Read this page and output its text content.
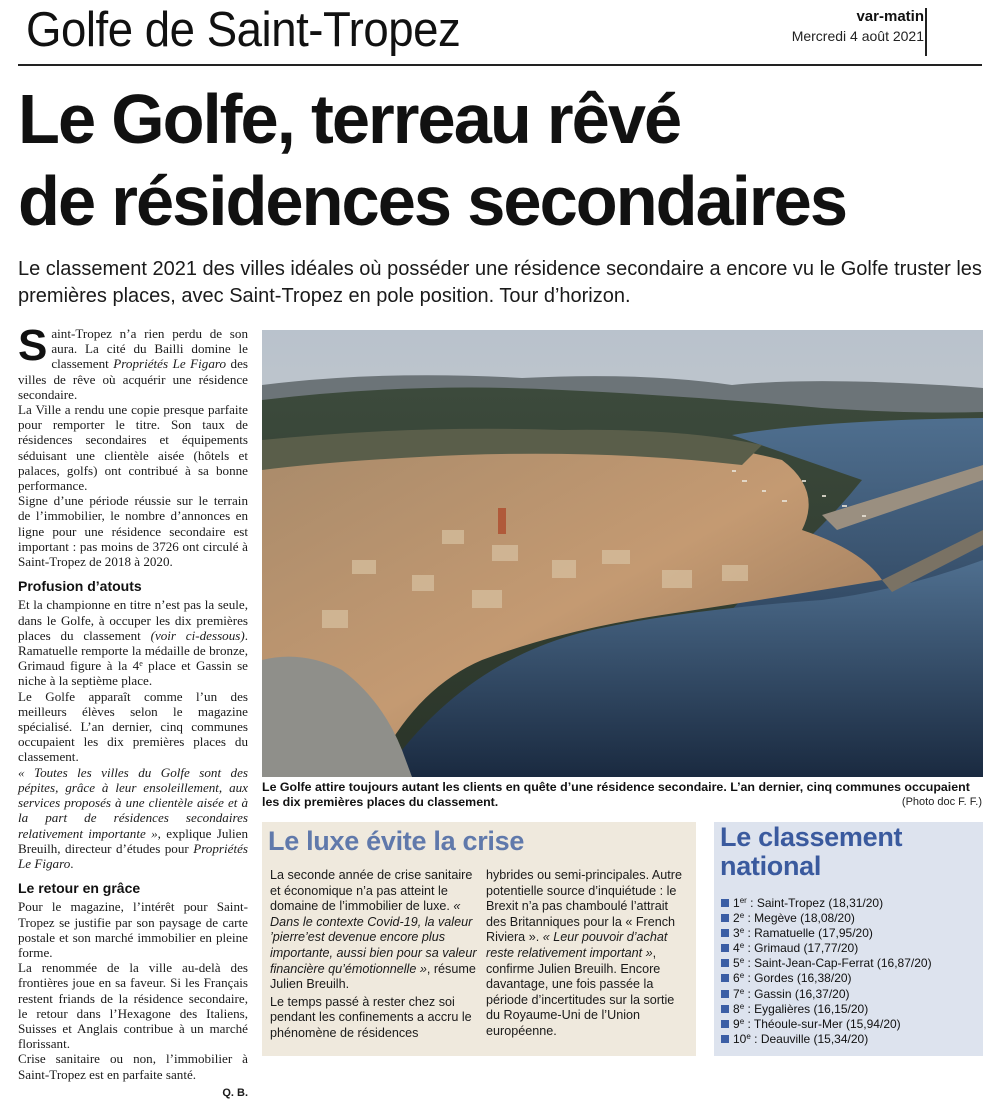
Golfe de Saint-Tropez	var-matin
Mercredi 4 août 2021
Le Golfe, terreau rêvé
de résidences secondaires

Le classement 2021 des villes idéales où posséder une résidence secondaire a encore vu le Golfe truster les premières places, avec Saint-Tropez en pole position. Tour d’horizon.

Saint-Tropez n’a rien perdu de son aura. La cité du Bailli domine le classement Propriétés Le Figaro des villes de rêve où acquérir une résidence secondaire.

La Ville a rendu une copie presque parfaite pour remporter le titre. Son taux de résidences secondaires et équipements séduisant une clientèle aisée (hôtels et palaces, golfs) ont contribué à sa bonne performance.

Signe d’une période réussie sur le terrain de l’immobilier, le nombre d’annonces en ligne pour une résidence secondaire est important : pas moins de 3726 ont circulé à Saint-Tropez de 2018 à 2020.

Profusion d’atouts

Et la championne en titre n’est pas la seule, dans le Golfe, à occuper les dix premières places du classement (voir ci-dessous). Ramatuelle remporte la médaille de bronze, Grimaud figure à la 4e place et Gassin se niche à la septième place.

Le Golfe apparaît comme l’un des meilleurs élèves selon le magazine spécialisé. L’an dernier, cinq communes occupaient les dix premières places du classement.

« Toutes les villes du Golfe sont des pépites, grâce à leur ensoleillement, aux services proposés à une clientèle aisée et à la part de résidences secondaires relativement importante », explique Julien Breuilh, directeur d’études pour Propriétés Le Figaro.

Le retour en grâce

Pour le magazine, l’intérêt pour Saint-Tropez se justifie par son paysage de carte postale et son marché immobilier en pleine forme.

La renommée de la ville au-delà des frontières joue en sa faveur. Si les Français restent friands de la résidence secondaire, le retour dans l’Hexagone des Italiens, Suisses et Anglais contribue à un marché florissant.

Crise sanitaire ou non, l’immobilier à Saint-Tropez est en parfaite santé.

Q. B.

Le Golfe attire toujours autant les clients en quête d’une résidence secondaire. L’an dernier, cinq communes occupaient les dix premières places du classement.	(Photo doc F. F.)

Le luxe évite la crise

La seconde année de crise sanitaire et économique n’a pas atteint le domaine de l’immobilier de luxe. « Dans le contexte Covid-19, la valeur ’pierre’est devenue encore plus importante, aussi bien pour sa valeur financière qu’émotionnelle », résume Julien Breuilh.

Le temps passé à rester chez soi pendant les confinements a accru le phénomène de résidences

hybrides ou semi-principales. Autre potentielle source d’inquiétude : le Brexit n’a pas chamboulé l’attrait des Britanniques pour la « French Riviera ». « Leur pouvoir d’achat reste relativement important », confirme Julien Breuilh. Encore davantage, une fois passée la période d’incertitudes sur la sortie du Royaume-Uni de l’Union européenne.

Le classement
national
1er : Saint-Tropez (18,31/20)
2e : Megève (18,08/20)
3e : Ramatuelle (17,95/20)
4e : Grimaud (17,77/20)
5e : Saint-Jean-Cap-Ferrat (16,87/20)
6e : Gordes (16,38/20)
7e : Gassin (16,37/20)
8e : Eygalières (16,15/20)
9e : Théoule-sur-Mer (15,94/20)
10e : Deauville (15,34/20)
